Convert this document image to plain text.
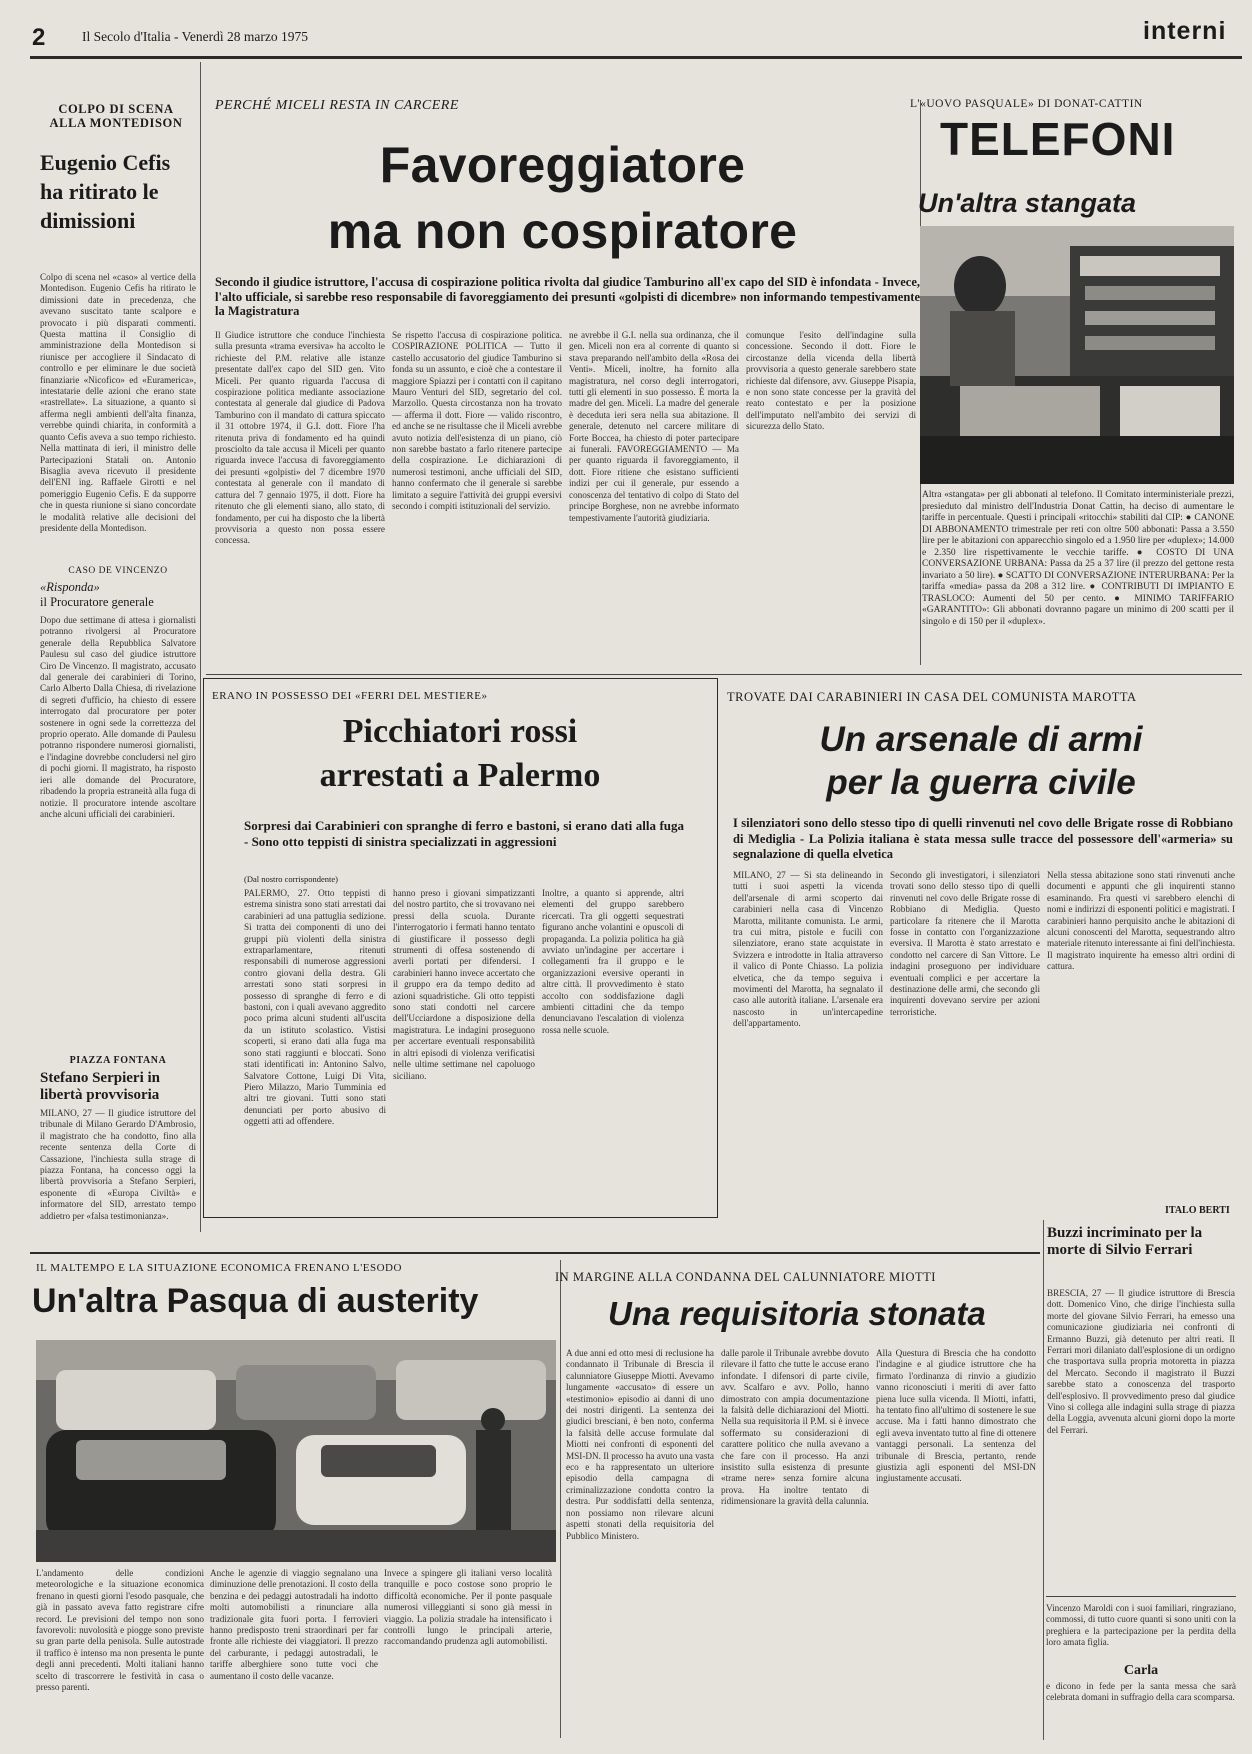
2	Il Secolo d'Italia - Venerdì 28 marzo 1975	interni
COLPO DI SCENA
ALLA MONTEDISON
Eugenio Cefis ha ritirato le dimissioni
Colpo di scena nel «caso» al vertice della Montedison. Eugenio Cefis ha ritirato le dimissioni date in precedenza, che avevano suscitato tante scalpore e provocato i più disparati commenti. Questa mattina il Consiglio di amministrazione della Montedison si riunisce per accogliere il Sindacato di controllo e per eliminare le due società finanziarie «Nicofico» ed «Euramerica», intestatarie delle azioni che erano state «rastrellate». La situazione, a quanto si afferma negli ambienti dell'alta finanza, verrebbe quindi chiarita, in conformità a quanto Cefis aveva a suo tempo richiesto. Nella mattinata di ieri, il ministro delle Partecipazioni Statali on. Antonio Bisaglia aveva ricevuto il presidente dell'ENI ing. Raffaele Girotti e nel pomeriggio Eugenio Cefis. E da supporre che in questa riunione si siano concordate le modalità relative alle decisioni del presidente della Montedison.
CASO DE VINCENZO
«Risponda»
il Procuratore generale
Dopo due settimane di attesa i giornalisti potranno rivolgersi al Procuratore generale della Repubblica Salvatore Paulesu sul caso del giudice istruttore Ciro De Vincenzo. Il magistrato, accusato dal generale dei carabinieri di Torino, Carlo Alberto Dalla Chiesa, di rivelazione di segreti d'ufficio, ha chiesto di essere interrogato dal procuratore per poter sostenere in ogni sede la correttezza del proprio operato. Alle domande di Paulesu potranno rispondere numerosi giornalisti, e l'indagine dovrebbe concludersi nel giro di pochi giorni. Il magistrato, ha risposto ieri alle domande del Procuratore, ribadendo la propria estraneità alla fuga di notizie. Il procuratore intende ascoltare anche alcuni ufficiali dei carabinieri.
PIAZZA FONTANA
Stefano Serpieri in libertà provvisoria
MILANO, 27 — Il giudice istruttore del tribunale di Milano Gerardo D'Ambrosio, il magistrato che ha condotto, fino alla recente sentenza della Corte di Cassazione, l'inchiesta sulla strage di piazza Fontana, ha concesso oggi la libertà provvisoria a Stefano Serpieri, esponente di «Europa Civiltà» e informatore del SID, arrestato tempo addietro per «falsa testimonianza».
PERCHÉ MICELI RESTA IN CARCERE
Favoreggiatore
ma non cospiratore
Secondo il giudice istruttore, l'accusa di cospirazione politica rivolta dal giudice Tamburino all'ex capo del SID è infondata - Invece, l'alto ufficiale, si sarebbe reso responsabile di favoreggiamento dei presunti «golpisti di dicembre» non informando tempestivamente la Magistratura
Il Giudice istruttore che conduce l'inchiesta sulla presunta «trama eversiva» ha accolto le richieste del P.M. relative alle istanze presentate dall'ex capo del SID gen. Vito Miceli. Per quanto riguarda l'accusa di cospirazione politica mediante associazione contestata al generale dal giudice di Padova Tamburino con il mandato di cattura spiccato il 31 ottobre 1974, il G.I. dott. Fiore l'ha ritenuta priva di fondamento ed ha quindi prosciolto da tale accusa il Miceli per quanto riguarda invece l'accusa di favoreggiamento dei presunti «golpisti» del 7 dicembre 1970 contestata al generale con il mandato di cattura del 7 gennaio 1975, il dott. Fiore ha ritenuto che gli elementi siano, allo stato, di fondamento, per cui ha disposto che la libertà provvisoria a questo non possa essere concessa.
Se rispetto l'accusa di cospirazione politica. COSPIRAZIONE POLITICA — Tutto il castello accusatorio del giudice Tamburino si fonda su un assunto, e cioè che a contestare il maggiore Spiazzi per i contatti con il capitano Mauro Venturi del SID, segretario del col. Marzollo. Questa circostanza non ha trovato — afferma il dott. Fiore — valido riscontro, ed anche se ne risultasse che il Miceli avrebbe avuto notizia dell'esistenza di un piano, ciò non sarebbe bastato a farlo ritenere partecipe della cospirazione. Le dichiarazioni di numerosi testimoni, anche ufficiali del SID, hanno confermato che il generale si sarebbe limitato a seguire l'attività dei gruppi eversivi secondo i compiti istituzionali del servizio.
ne avrebbe il G.I. nella sua ordinanza, che il gen. Miceli non era al corrente di quanto si stava preparando nell'ambito della «Rosa dei Venti». Miceli, inoltre, ha fornito alla magistratura, nel corso degli interrogatori, tutti gli elementi in suo possesso. È morta la madre del gen. Miceli. La madre del generale è deceduta ieri sera nella sua abitazione. Il generale, detenuto nel carcere militare di Forte Boccea, ha chiesto di poter partecipare ai funerali. FAVOREGGIAMENTO — Ma per quanto riguarda il favoreggiamento, il dott. Fiore ritiene che esistano sufficienti indizi per cui il generale, pur essendo a conoscenza del tentativo di colpo di Stato del principe Borghese, non ne avrebbe informato tempestivamente l'autorità giudiziaria.
comunque l'esito dell'indagine sulla concessione. Secondo il dott. Fiore le circostanze della vicenda della libertà provvisoria a questo generale sarebbero state richieste dal difensore, avv. Giuseppe Pisapia, e non sono state concesse per la gravità del reato contestato e per la posizione dell'imputato nell'ambito dei servizi di sicurezza dello Stato.
L'«UOVO PASQUALE» DI DONAT-CATTIN
TELEFONI
Un'altra stangata
Altra «stangata» per gli abbonati al telefono. Il Comitato interministeriale prezzi, presieduto dal ministro dell'Industria Donat Cattin, ha deciso di aumentare le tariffe in percentuale. Questi i principali «ritocchi» stabiliti dal CIP: ● CANONE DI ABBONAMENTO trimestrale per reti con oltre 500 abbonati: Passa a 3.550 lire per le abitazioni con apparecchio singolo ed a 1.950 lire per «duplex»; 14.000 e 2.350 lire rispettivamente le vecchie tariffe. ● COSTO DI UNA CONVERSAZIONE URBANA: Passa da 25 a 37 lire (il prezzo del gettone resta invariato a 50 lire). ● SCATTO DI CONVERSAZIONE INTERURBANA: Per la tariffa «media» passa da 208 a 312 lire. ● CONTRIBUTI DI IMPIANTO E TRASLOCO: Aumenti del 50 per cento. ● MINIMO TARIFFARIO «GARANTITO»: Gli abbonati dovranno pagare un minimo di 200 scatti per il singolo e di 150 per il «duplex».
ERANO IN POSSESSO DEI «FERRI DEL MESTIERE»
Picchiatori rossi
arrestati a Palermo
Sorpresi dai Carabinieri con spranghe di ferro e bastoni, si erano dati alla fuga - Sono otto teppisti di sinistra specializzati in aggressioni
(Dal nostro corrispondente)
PALERMO, 27. Otto teppisti di estrema sinistra sono stati arrestati dai carabinieri ad una pattuglia sedizione. Si tratta dei componenti di uno dei gruppi più violenti della sinistra extraparlamentare, ritenuti responsabili di numerose aggressioni contro giovani della destra. Gli arrestati sono stati sorpresi in possesso di spranghe di ferro e di bastoni, con i quali avevano aggredito poco prima alcuni studenti all'uscita da un istituto scolastico. Vistisi scoperti, si erano dati alla fuga ma sono stati raggiunti e bloccati. Sono stati identificati in: Antonino Salvo, Salvatore Cottone, Luigi Di Vita, Piero Milazzo, Mario Tumminia ed altri tre giovani. Tutti sono stati denunciati per porto abusivo di oggetti atti ad offendere.
hanno preso i giovani simpatizzanti del nostro partito, che si trovavano nei pressi della scuola. Durante l'interrogatorio i fermati hanno tentato di giustificare il possesso degli strumenti di offesa sostenendo di averli portati per difendersi. I carabinieri hanno invece accertato che il gruppo era da tempo dedito ad azioni squadristiche. Gli otto teppisti sono stati condotti nel carcere dell'Ucciardone a disposizione della magistratura. Le indagini proseguono per accertare eventuali responsabilità in altri episodi di violenza verificatisi nelle ultime settimane nel capoluogo siciliano.
Inoltre, a quanto si apprende, altri elementi del gruppo sarebbero ricercati. Tra gli oggetti sequestrati figurano anche volantini e opuscoli di propaganda. La polizia politica ha già avviato un'indagine per accertare i collegamenti fra il gruppo e le organizzazioni eversive operanti in altre città. Il provvedimento è stato accolto con soddisfazione dagli ambienti cittadini che da tempo denunciavano l'escalation di violenza rossa nelle scuole.
TROVATE DAI CARABINIERI IN CASA DEL COMUNISTA MAROTTA
Un arsenale di armi
per la guerra civile
I silenziatori sono dello stesso tipo di quelli rinvenuti nel covo delle Brigate rosse di Robbiano di Mediglia - La Polizia italiana è stata messa sulle tracce del possessore dell'«armeria» su segnalazione di quella elvetica
MILANO, 27 — Si sta delineando in tutti i suoi aspetti la vicenda dell'arsenale di armi scoperto dai carabinieri nella casa di Vincenzo Marotta, militante comunista. Le armi, tra cui mitra, pistole e fucili con silenziatore, erano state acquistate in Svizzera e introdotte in Italia attraverso il valico di Ponte Chiasso. La polizia elvetica, che da tempo seguiva i movimenti del Marotta, ha segnalato il caso alle autorità italiane. L'arsenale era nascosto in un'intercapedine dell'appartamento.
Secondo gli investigatori, i silenziatori trovati sono dello stesso tipo di quelli rinvenuti nel covo delle Brigate rosse di Robbiano di Mediglia. Questo particolare fa ritenere che il Marotta fosse in contatto con l'organizzazione eversiva. Il Marotta è stato arrestato e condotto nel carcere di San Vittore. Le indagini proseguono per individuare eventuali complici e per accertare la destinazione delle armi, che secondo gli inquirenti dovevano servire per azioni terroristiche.
Nella stessa abitazione sono stati rinvenuti anche documenti e appunti che gli inquirenti stanno esaminando. Fra questi vi sarebbero elenchi di nomi e indirizzi di esponenti politici e magistrati. I carabinieri hanno perquisito anche le abitazioni di alcuni conoscenti del Marotta, sequestrando altro materiale ritenuto interessante ai fini dell'inchiesta. Il magistrato inquirente ha emesso altri ordini di cattura.
ITALO BERTI
Buzzi incriminato per la morte di Silvio Ferrari
BRESCIA, 27 — Il giudice istruttore di Brescia dott. Domenico Vino, che dirige l'inchiesta sulla morte del giovane Silvio Ferrari, ha emesso una comunicazione giudiziaria nei confronti di Ermanno Buzzi, già detenuto per altri reati. Il Ferrari morì dilaniato dall'esplosione di un ordigno che trasportava sulla propria motoretta in piazza del Mercato. Secondo il magistrato il Buzzi sarebbe stato a conoscenza del trasporto dell'esplosivo. Il provvedimento preso dal giudice Vino si collega alle indagini sulla strage di piazza della Loggia, avvenuta alcuni giorni dopo la morte del Ferrari.
Vincenzo Maroldi con i suoi familiari, ringraziano, commossi, di tutto cuore quanti si sono uniti con la preghiera e la partecipazione per la perdita della loro amata figlia.
Carla
e dicono in fede per la santa messa che sarà celebrata domani in suffragio della cara scomparsa.
IL MALTEMPO E LA SITUAZIONE ECONOMICA FRENANO L'ESODO
Un'altra Pasqua di austerity
L'andamento delle condizioni meteorologiche e la situazione economica frenano in questi giorni l'esodo pasquale, che già in passato aveva fatto registrare cifre record. Le previsioni del tempo non sono favorevoli: nuvolosità e piogge sono previste su gran parte della penisola. Sulle autostrade il traffico è intenso ma non presenta le punte degli anni precedenti. Molti italiani hanno scelto di trascorrere le festività in casa o presso parenti.
Anche le agenzie di viaggio segnalano una diminuzione delle prenotazioni. Il costo della benzina e dei pedaggi autostradali ha indotto molti automobilisti a rinunciare alla tradizionale gita fuori porta. I ferrovieri hanno predisposto treni straordinari per far fronte alle richieste dei viaggiatori. Il prezzo del carburante, i pedaggi autostradali, le tariffe alberghiere sono tutte voci che aumentano il costo delle vacanze.
Invece a spingere gli italiani verso località tranquille e poco costose sono proprio le difficoltà economiche. Per il ponte pasquale numerosi villeggianti si sono già messi in viaggio. La polizia stradale ha intensificato i controlli lungo le principali arterie, raccomandando prudenza agli automobilisti.
IN MARGINE ALLA CONDANNA DEL CALUNNIATORE MIOTTI
Una requisitoria stonata
A due anni ed otto mesi di reclusione ha condannato il Tribunale di Brescia il calunniatore Giuseppe Miotti. Avevamo lungamente «accusato» di essere un «testimonio» episodio ai danni di uno dei nostri dirigenti. La sentenza dei giudici bresciani, è ben noto, conferma la falsità delle accuse formulate dal Miotti nei confronti di esponenti del MSI-DN. Il processo ha avuto una vasta eco e ha rappresentato un ulteriore episodio della campagna di criminalizzazione condotta contro la destra. Pur soddisfatti della sentenza, non possiamo non rilevare alcuni aspetti stonati della requisitoria del Pubblico Ministero.
dalle parole il Tribunale avrebbe dovuto rilevare il fatto che tutte le accuse erano infondate. I difensori di parte civile, avv. Scalfaro e avv. Pollo, hanno dimostrato con ampia documentazione la falsità delle dichiarazioni del Miotti. Nella sua requisitoria il P.M. si è invece soffermato su considerazioni di carattere politico che nulla avevano a che fare con il processo. Ha anzi insistito sulla esistenza di presunte «trame nere» senza fornire alcuna prova. Ha inoltre tentato di ridimensionare la gravità della calunnia.
Alla Questura di Brescia che ha condotto l'indagine e al giudice istruttore che ha firmato l'ordinanza di rinvio a giudizio vanno riconosciuti i meriti di aver fatto piena luce sulla vicenda. Il Miotti, infatti, ha tentato fino all'ultimo di sostenere le sue accuse. Ma i fatti hanno dimostrato che egli aveva inventato tutto al fine di ottenere vantaggi personali. La sentenza del tribunale di Brescia, pertanto, rende giustizia agli esponenti del MSI-DN ingiustamente accusati.
